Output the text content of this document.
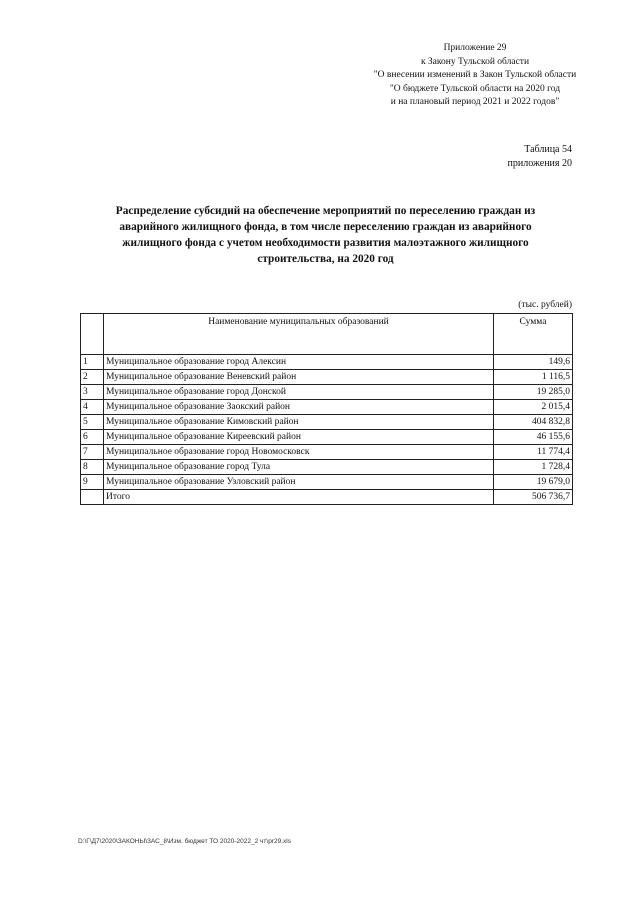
Приложение 29
к Закону Тульской области
"О внесении изменений в Закон Тульской области
"О бюджете Тульской области на 2020 год
и на плановый период 2021 и 2022 годов"
Таблица 54
приложения 20
Распределение субсидий на обеспечение мероприятий по переселению граждан из
аварийного жилищного фонда, в том числе переселению граждан из аварийного
жилищного фонда с учетом необходимости развития малоэтажного жилищного
строительства, на 2020 год
(тыс. рублей)
	Наименование муниципальных образований	Сумма
1	Муниципальное образование город Алексин	149,6
2	Муниципальное образование Веневский район	1 116,5
3	Муниципальное образование город Донской	19 285,0
4	Муниципальное образование Заокский район	2 015,4
5	Муниципальное образование Кимовский район	404 832,8
6	Муниципальное образование Киреевский район	46 155,6
7	Муниципальное образование город Новомосковск	11 774,4
8	Муниципальное образование город Тула	1 728,4
9	Муниципальное образование Узловский район	19 679,0
	Итого	506 736,7
D:\Г\Д7\2020\ЗАКОНЫ\ЗАС_8\Изм. бюджет ТО 2020-2022_2 чт\pr29.xls
